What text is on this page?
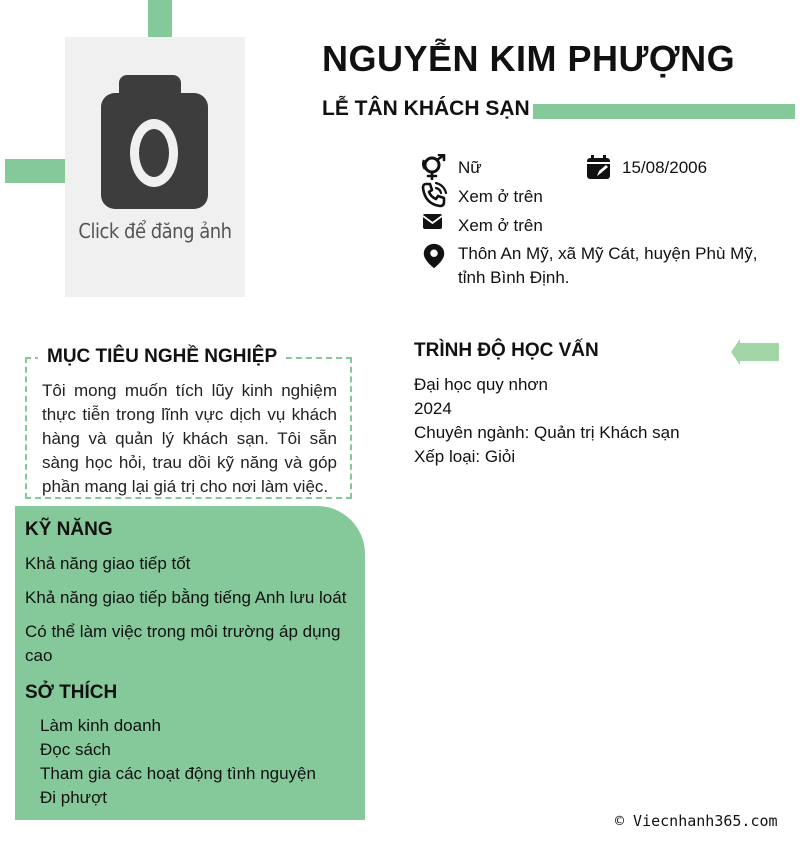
Click để đăng ảnh
NGUYỄN KIM PHƯỢNG
LỄ TÂN KHÁCH SẠN
Nữ	15/08/2006
Xem ở trên
Xem ở trên
Thôn An Mỹ, xã Mỹ Cát, huyện Phù Mỹ, tỉnh Bình Định.
MỤC TIÊU NGHỀ NGHIỆP
Tôi mong muốn tích lũy kinh nghiệm thực tiễn trong lĩnh vực dịch vụ khách hàng và quản lý khách sạn. Tôi sẵn sàng học hỏi, trau dồi kỹ năng và góp phần mang lại giá trị cho nơi làm việc.
KỸ NĂNG
Khả năng giao tiếp tốt
Khả năng giao tiếp bằng tiếng Anh lưu loát
Có thể làm việc trong môi trường áp dụng cao
SỞ THÍCH
Làm kinh doanh
Đọc sách
Tham gia các hoạt động tình nguyện
Đi phượt
TRÌNH ĐỘ HỌC VẤN
Đại học quy nhơn
2024
Chuyên ngành: Quản trị Khách sạn
Xếp loại: Giỏi
© Viecnhanh365.com
